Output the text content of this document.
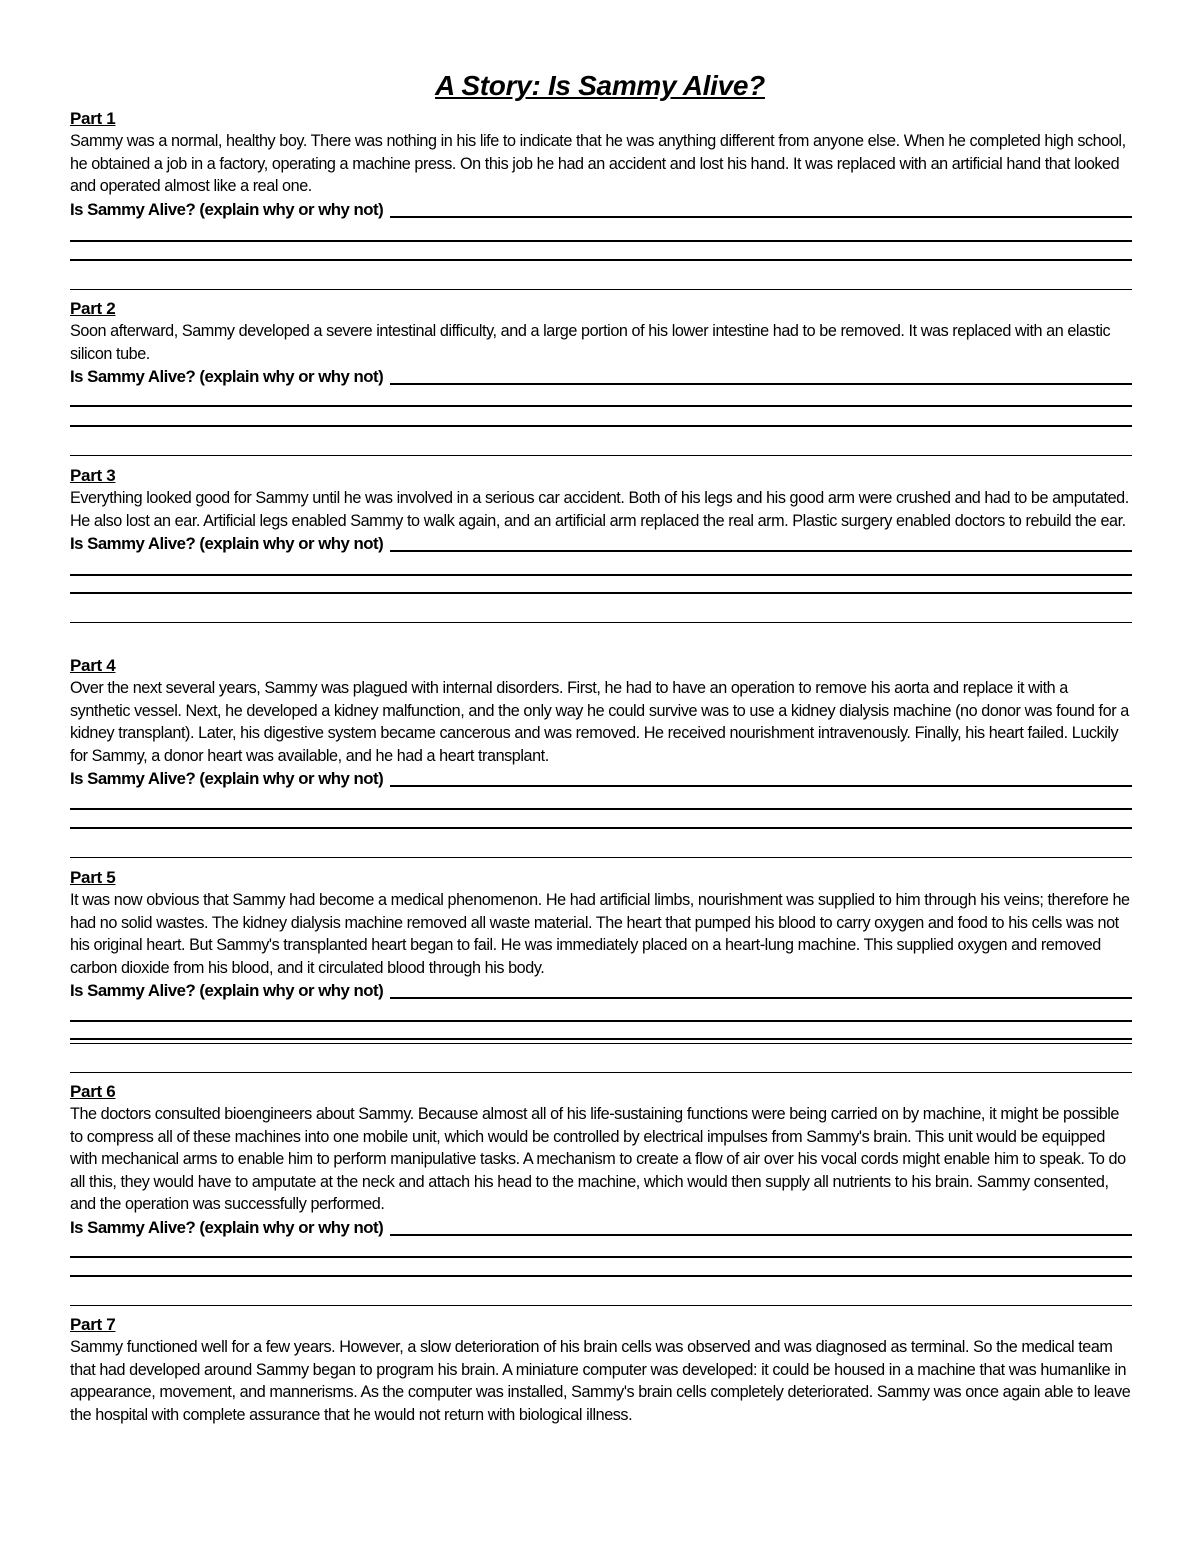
A Story: Is Sammy Alive?

Part 1

Sammy was a normal, healthy boy. There was nothing in his life to indicate that he was anything different from anyone else. When he completed high school, he obtained a job in a factory, operating a machine press. On this job he had an accident and lost his hand. It was replaced with an artificial hand that looked and operated almost like a real one.

Is Sammy Alive? (explain why or why not)

Part 2

Soon afterward, Sammy developed a severe intestinal difficulty, and a large portion of his lower intestine had to be removed. It was replaced with an elastic silicon tube.

Is Sammy Alive? (explain why or why not)

Part 3

Everything looked good for Sammy until he was involved in a serious car accident. Both of his legs and his good arm were crushed and had to be amputated. He also lost an ear. Artificial legs enabled Sammy to walk again, and an artificial arm replaced the real arm. Plastic surgery enabled doctors to rebuild the ear.

Is Sammy Alive? (explain why or why not)

Part 4

Over the next several years, Sammy was plagued with internal disorders. First, he had to have an operation to remove his aorta and replace it with a synthetic vessel. Next, he developed a kidney malfunction, and the only way he could survive was to use a kidney dialysis machine (no donor was found for a kidney transplant). Later, his digestive system became cancerous and was removed. He received nourishment intravenously. Finally, his heart failed. Luckily for Sammy, a donor heart was available, and he had a heart transplant.

Is Sammy Alive? (explain why or why not)

Part 5

It was now obvious that Sammy had become a medical phenomenon. He had artificial limbs, nourishment was supplied to him through his veins; therefore he had no solid wastes. The kidney dialysis machine removed all waste material. The heart that pumped his blood to carry oxygen and food to his cells was not his original heart. But Sammy's transplanted heart began to fail. He was immediately placed on a heart-lung machine. This supplied oxygen and removed carbon dioxide from his blood, and it circulated blood through his body.

Is Sammy Alive? (explain why or why not)

Part 6

The doctors consulted bioengineers about Sammy. Because almost all of his life-sustaining functions were being carried on by machine, it might be possible to compress all of these machines into one mobile unit, which would be controlled by electrical impulses from Sammy's brain. This unit would be equipped with mechanical arms to enable him to perform manipulative tasks. A mechanism to create a flow of air over his vocal cords might enable him to speak. To do all this, they would have to amputate at the neck and attach his head to the machine, which would then supply all nutrients to his brain. Sammy consented, and the operation was successfully performed.

Is Sammy Alive? (explain why or why not)

Part 7

Sammy functioned well for a few years. However, a slow deterioration of his brain cells was observed and was diagnosed as terminal. So the medical team that had developed around Sammy began to program his brain. A miniature computer was developed: it could be housed in a machine that was humanlike in appearance, movement, and mannerisms. As the computer was installed, Sammy's brain cells completely deteriorated. Sammy was once again able to leave the hospital with complete assurance that he would not return with biological illness.
